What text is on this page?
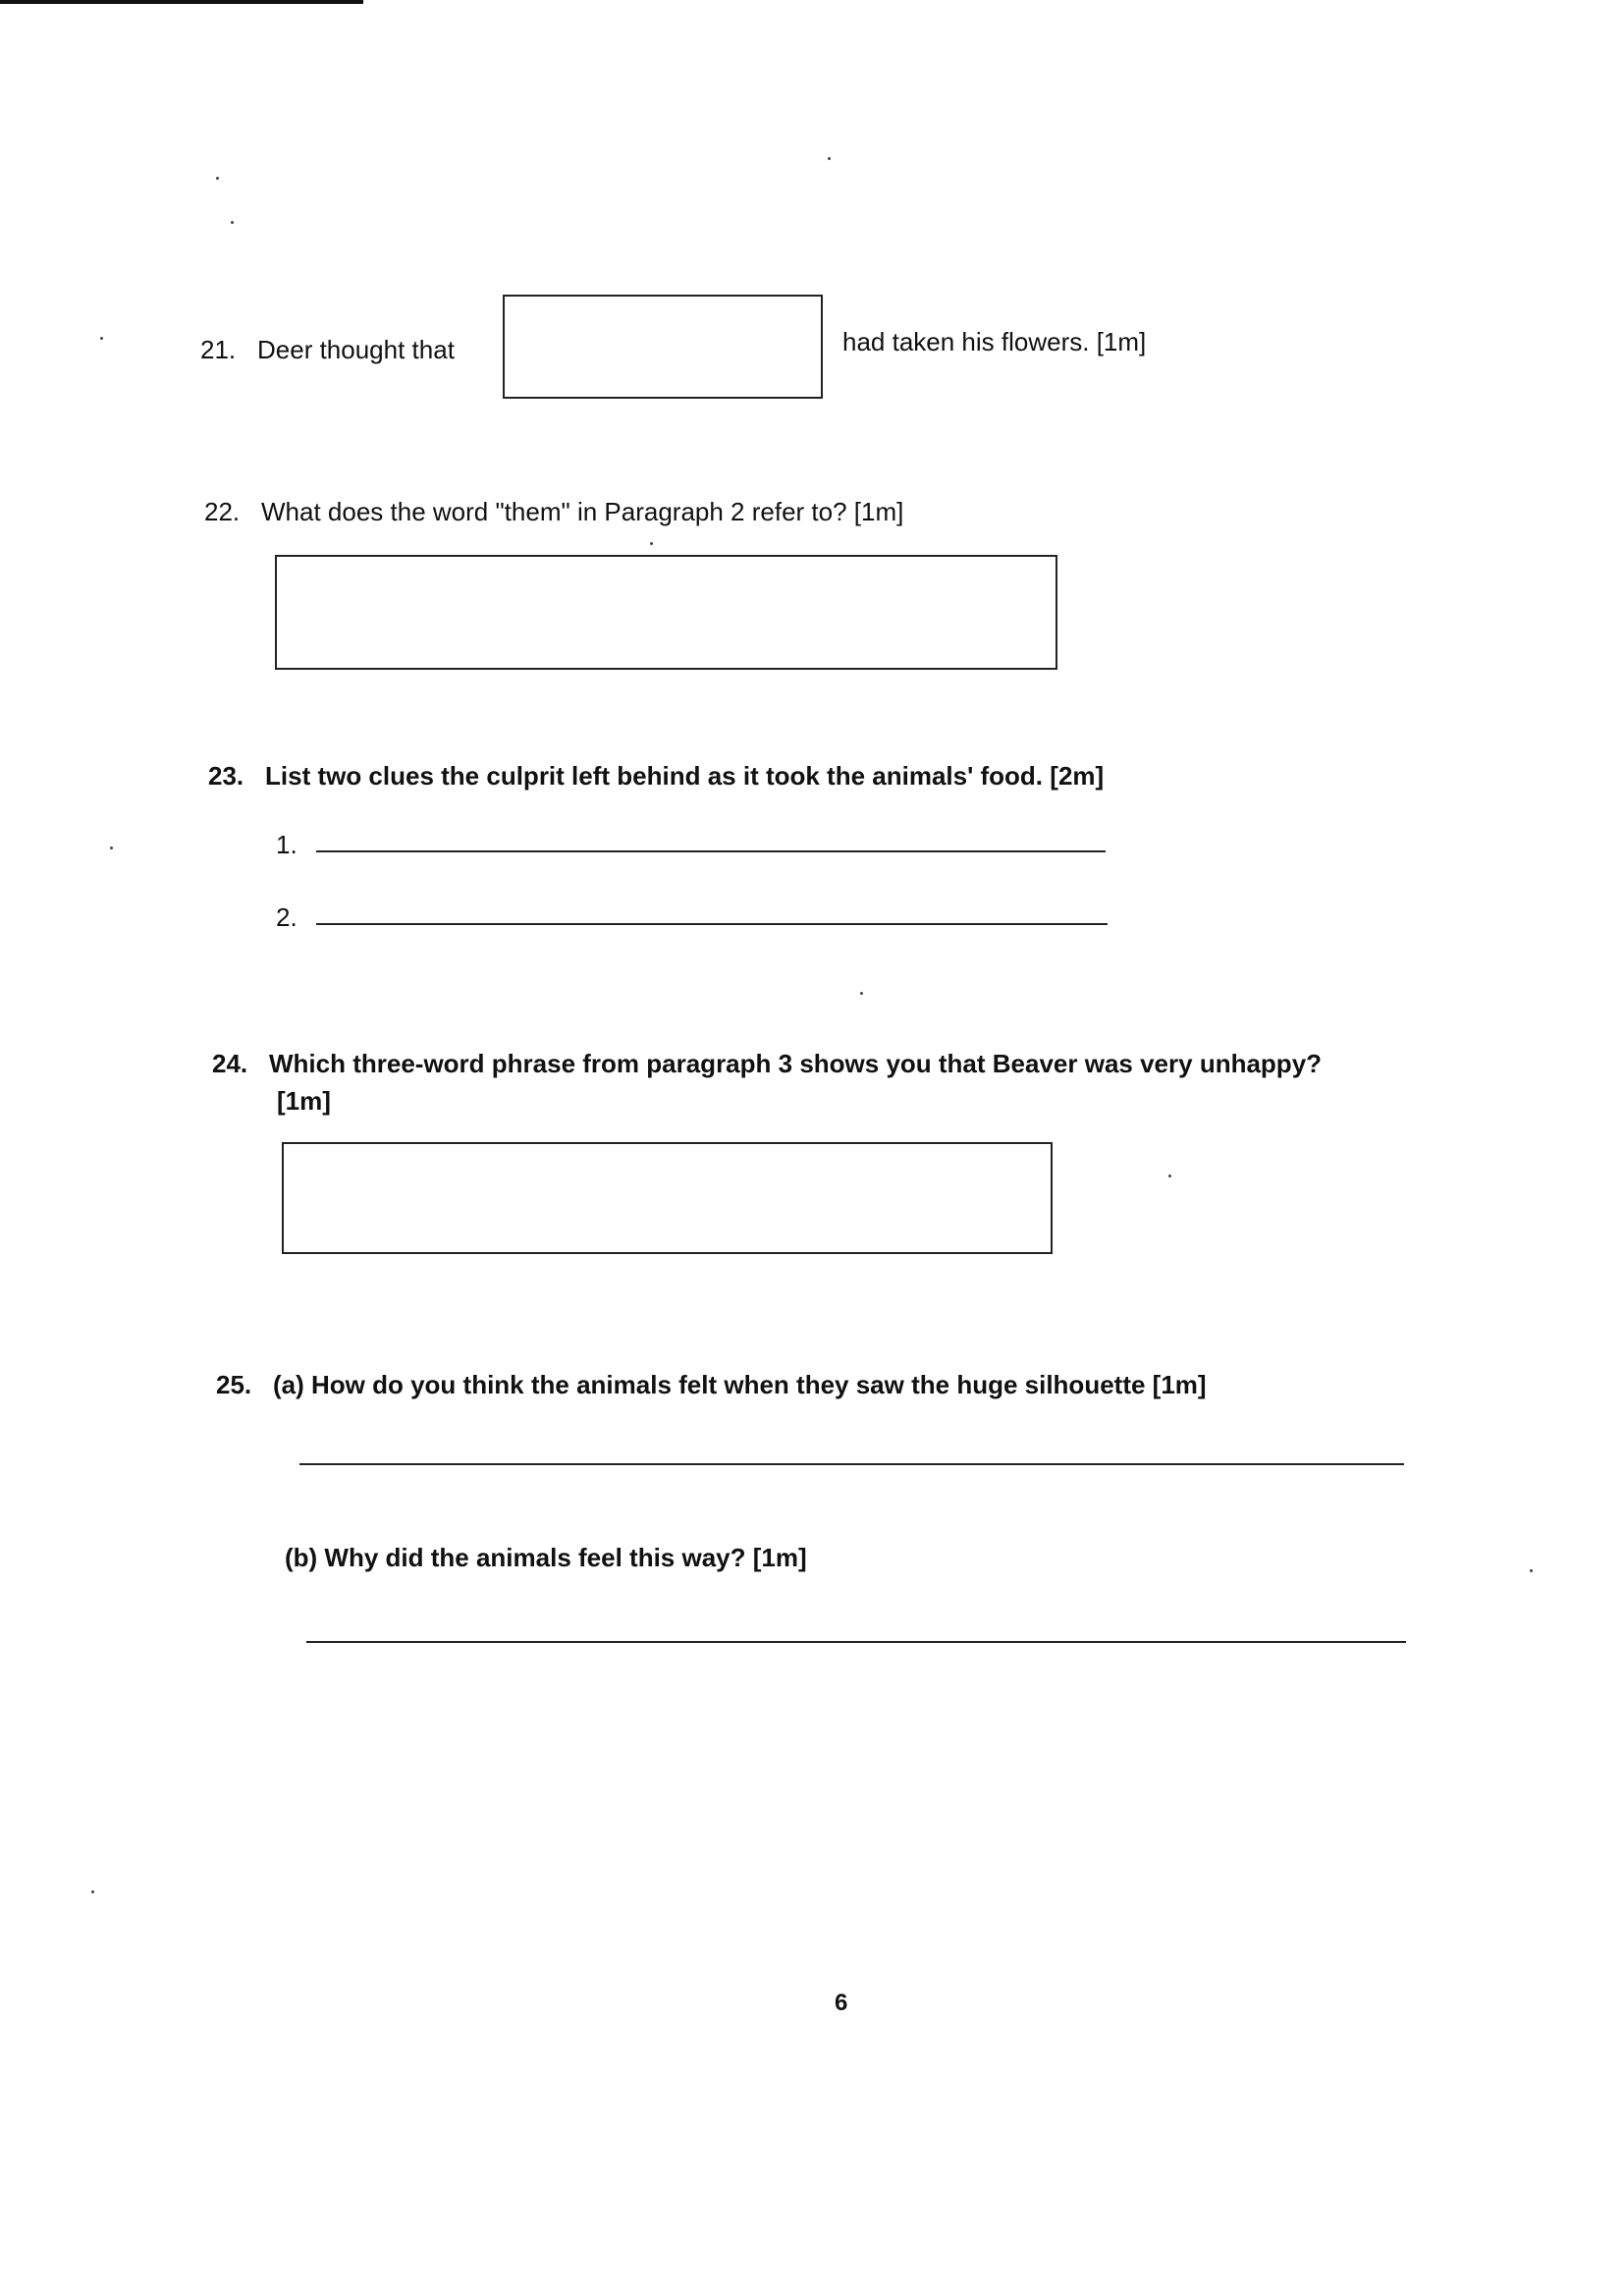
21. Deer thought that	had taken his flowers. [1m]
22. What does the word "them" in Paragraph 2 refer to? [1m]
23. List two clues the culprit left behind as it took the animals' food. [2m]
1.
2.
24. Which three-word phrase from paragraph 3 shows you that Beaver was very unhappy?
[1m]
25. (a) How do you think the animals felt when they saw the huge silhouette [1m]
(b) Why did the animals feel this way? [1m]
6
